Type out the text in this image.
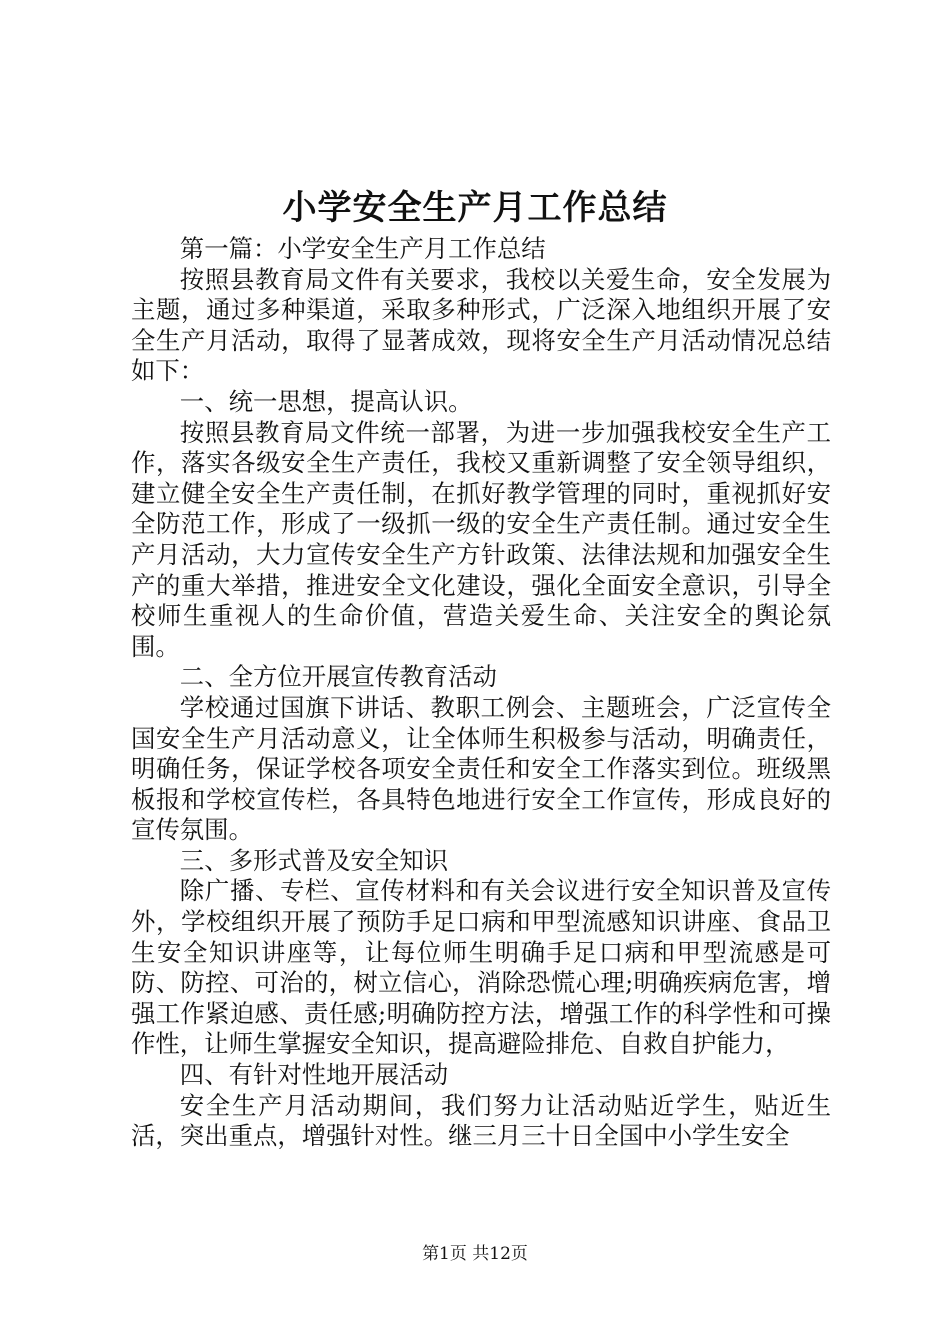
小学安全生产月工作总结

第一篇：小学安全生产月工作总结

按照县教育局文件有关要求，我校以关爱生命，安全发展为主题，通过多种渠道，采取多种形式，广泛深入地组织开展了安全生产月活动，取得了显著成效，现将安全生产月活动情况总结如下：

一、统一思想，提高认识。

按照县教育局文件统一部署，为进一步加强我校安全生产工作，落实各级安全生产责任，我校又重新调整了安全领导组织，建立健全安全生产责任制，在抓好教学管理的同时，重视抓好安全防范工作，形成了一级抓一级的安全生产责任制。通过安全生产月活动，大力宣传安全生产方针政策、法律法规和加强安全生产的重大举措，推进安全文化建设，强化全面安全意识，引导全校师生重视人的生命价值，营造关爱生命、关注安全的舆论氛围。

二、全方位开展宣传教育活动

学校通过国旗下讲话、教职工例会、主题班会，广泛宣传全国安全生产月活动意义，让全体师生积极参与活动，明确责任，明确任务，保证学校各项安全责任和安全工作落实到位。班级黑板报和学校宣传栏，各具特色地进行安全工作宣传，形成良好的宣传氛围。

三、多形式普及安全知识

除广播、专栏、宣传材料和有关会议进行安全知识普及宣传外，学校组织开展了预防手足口病和甲型流感知识讲座、食品卫生安全知识讲座等，让每位师生明确手足口病和甲型流感是可防、防控、可治的，树立信心，消除恐慌心理;明确疾病危害，增强工作紧迫感、责任感;明确防控方法，增强工作的科学性和可操作性，让师生掌握安全知识，提高避险排危、自救自护能力，

四、有针对性地开展活动

安全生产月活动期间，我们努力让活动贴近学生，贴近生活，突出重点，增强针对性。继三月三十日全国中小学生安全

第1页 共12页
